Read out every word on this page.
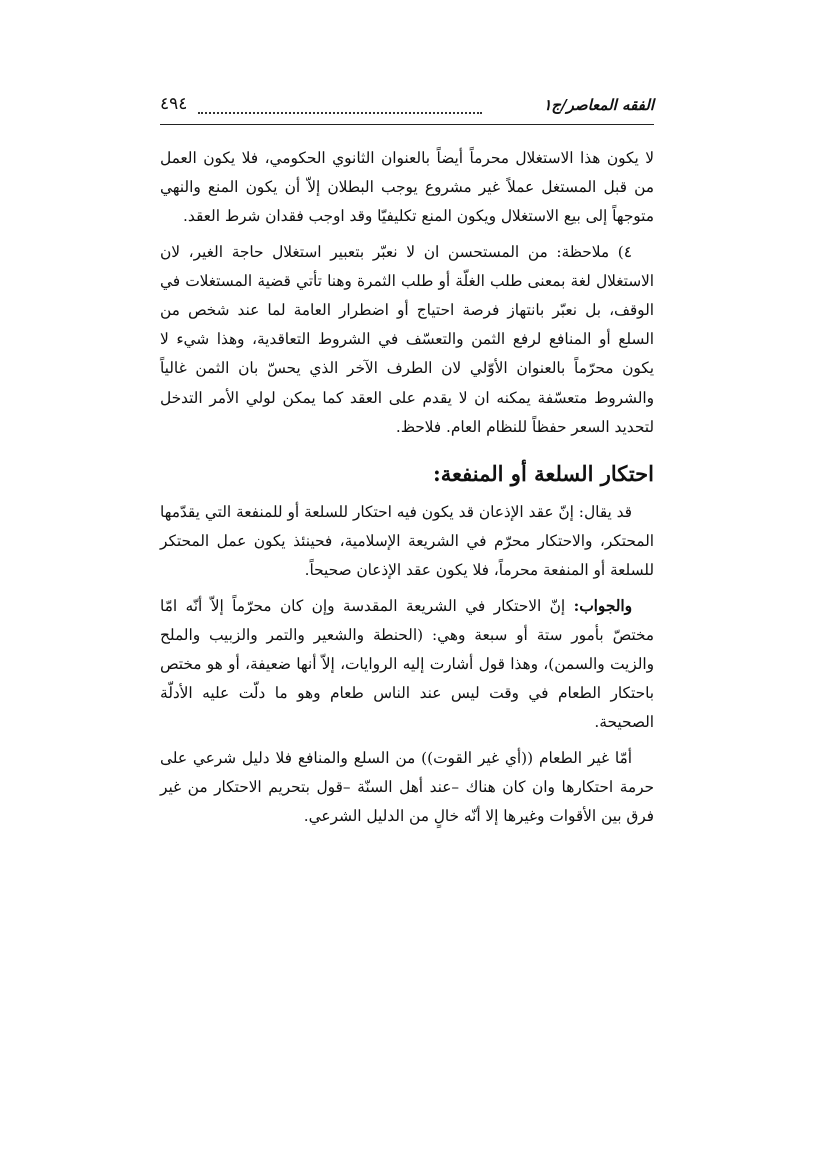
الفقه المعاصر/ج١
٤٩٤

لا يكون هذا الاستغلال محرماً أيضاً بالعنوان الثانوي الحكومي، فلا يكون العمل من قبل المستغل عملاً غير مشروع يوجب البطلان إلاّ أن يكون المنع والنهي متوجهاً إلى بيع الاستغلال ويكون المنع تكليفيّا وقد اوجب فقدان شرط العقد.

٤) ملاحظة: من المستحسن ان لا نعبّر بتعبير استغلال حاجة الغير، لان الاستغلال لغة بمعنى طلب الغلّة أو طلب الثمرة وهنا تأتي قضية المستغلات في الوقف، بل نعبّر بانتهاز فرصة احتياج أو اضطرار العامة لما عند شخص من السلع أو المنافع لرفع الثمن والتعسّف في الشروط التعاقدية، وهذا شيء لا يكون محرّماً بالعنوان الأوّلي لان الطرف الآخر الذي يحسّ بان الثمن غالياً والشروط متعسّفة يمكنه ان لا يقدم على العقد كما يمكن لولي الأمر التدخل لتحديد السعر حفظاً للنظام العام. فلاحظ.

احتكار السلعة أو المنفعة:

قد يقال: إنّ عقد الإذعان قد يكون فيه احتكار للسلعة أو للمنفعة التي يقدّمها المحتكر، والاحتكار محرّم في الشريعة الإسلامية، فحينئذ يكون عمل المحتكر للسلعة أو المنفعة محرماً، فلا يكون عقد الإذعان صحيحاً.

والجواب: إنّ الاحتكار في الشريعة المقدسة وإن كان محرّماً إلاّ أنّه امّا مختصّ بأمور ستة أو سبعة وهي: (الحنطة والشعير والتمر والزبيب والملح والزيت والسمن)، وهذا قول أشارت إليه الروايات، إلاّ أنها ضعيفة، أو هو مختص باحتكار الطعام في وقت ليس عند الناس طعام وهو ما دلّت عليه الأدلّة الصحيحة.

أمّا غير الطعام ((أي غير القوت)) من السلع والمنافع فلا دليل شرعي على حرمة احتكارها وان كان هناك –عند أهل السنّة –قول بتحريم الاحتكار من غير فرق بين الأقوات وغيرها إلا أنّه خالٍ من الدليل الشرعي.
